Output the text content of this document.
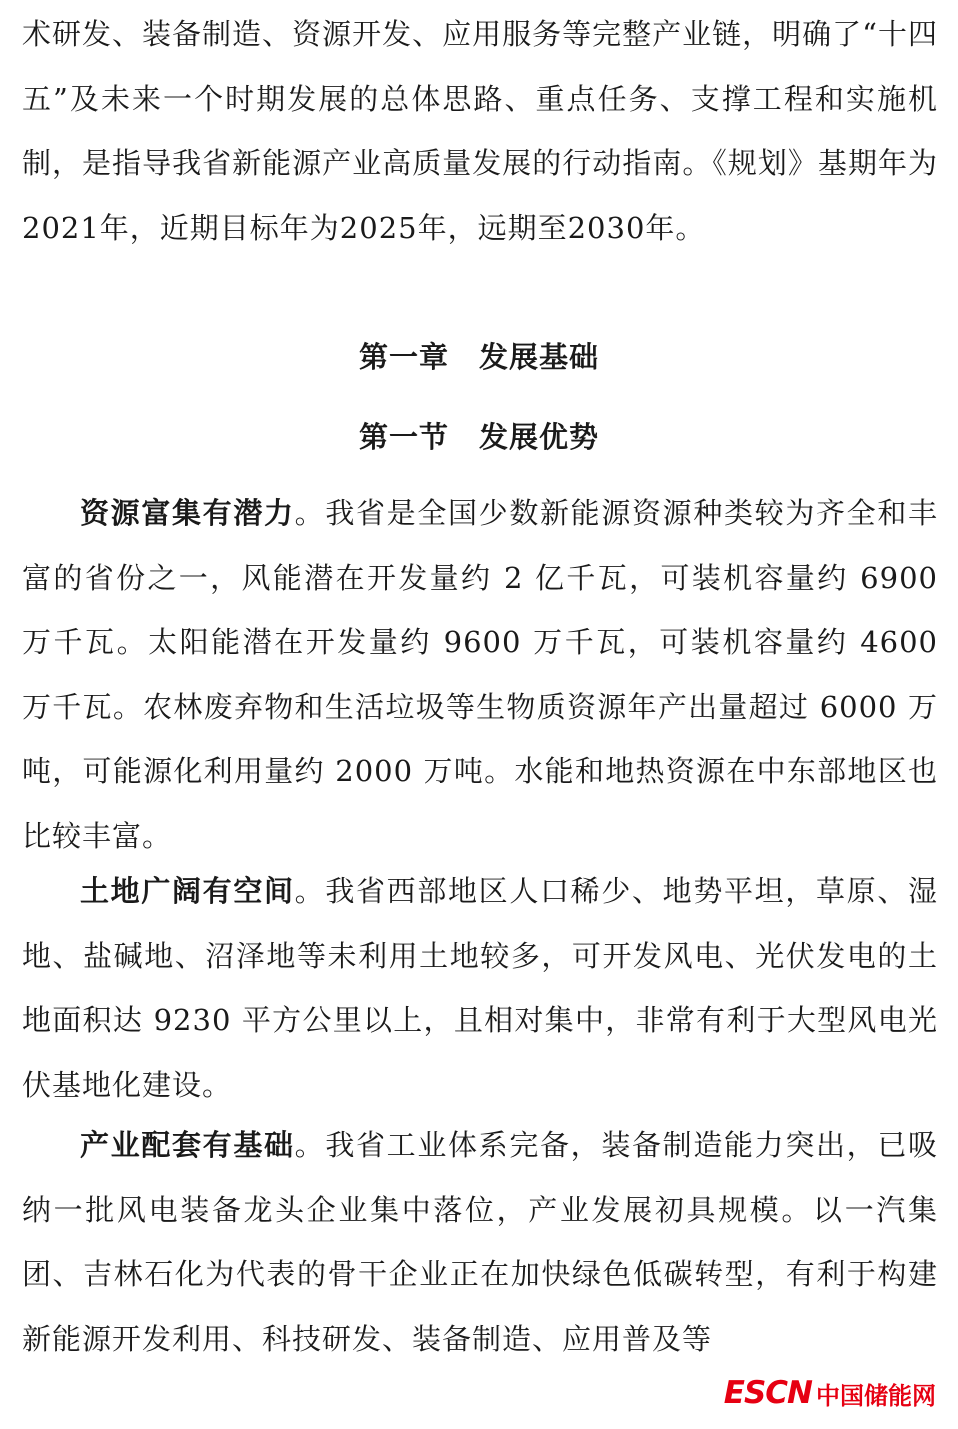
术研发、装备制造、资源开发、应用服务等完整产业链，明确了“十四五”及未来一个时期发展的总体思路、重点任务、支撑工程和实施机制，是指导我省新能源产业高质量发展的行动指南。《规划》基期年为2021年，近期目标年为2025年，远期至2030年。

第一章　发展基础
第一节　发展优势

资源富集有潜力。我省是全国少数新能源资源种类较为齐全和丰富的省份之一，风能潜在开发量约 2 亿千瓦，可装机容量约 6900 万千瓦。太阳能潜在开发量约 9600 万千瓦，可装机容量约 4600 万千瓦。农林废弃物和生活垃圾等生物质资源年产出量超过 6000 万吨，可能源化利用量约 2000 万吨。水能和地热资源在中东部地区也比较丰富。

土地广阔有空间。我省西部地区人口稀少、地势平坦，草原、湿地、盐碱地、沼泽地等未利用土地较多，可开发风电、光伏发电的土地面积达 9230 平方公里以上，且相对集中，非常有利于大型风电光伏基地化建设。

产业配套有基础。我省工业体系完备，装备制造能力突出，已吸纳一批风电装备龙头企业集中落位，产业发展初具规模。以一汽集团、吉林石化为代表的骨干企业正在加快绿色低碳转型，有利于构建新能源开发利用、科技研发、装备制造、应用普及等

ESCN 中国储能网
